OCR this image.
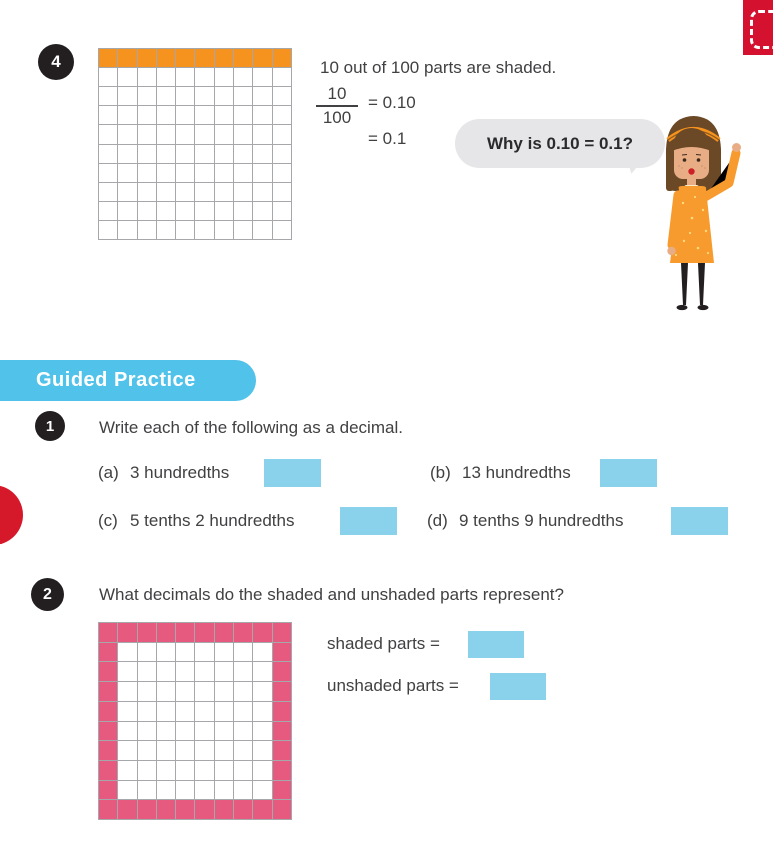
4	10 out of 100 parts are shaded.
10
100
= 0.10
= 0.1	Why is 0.10 = 0.1?
Guided Practice
1	Write each of the following as a decimal.
(a) 3 hundredths	(b) 13 hundredths
(c) 5 tenths 2 hundredths	(d) 9 tenths 9 hundredths
2	What decimals do the shaded and unshaded parts represent?
shaded parts =
unshaded parts =
